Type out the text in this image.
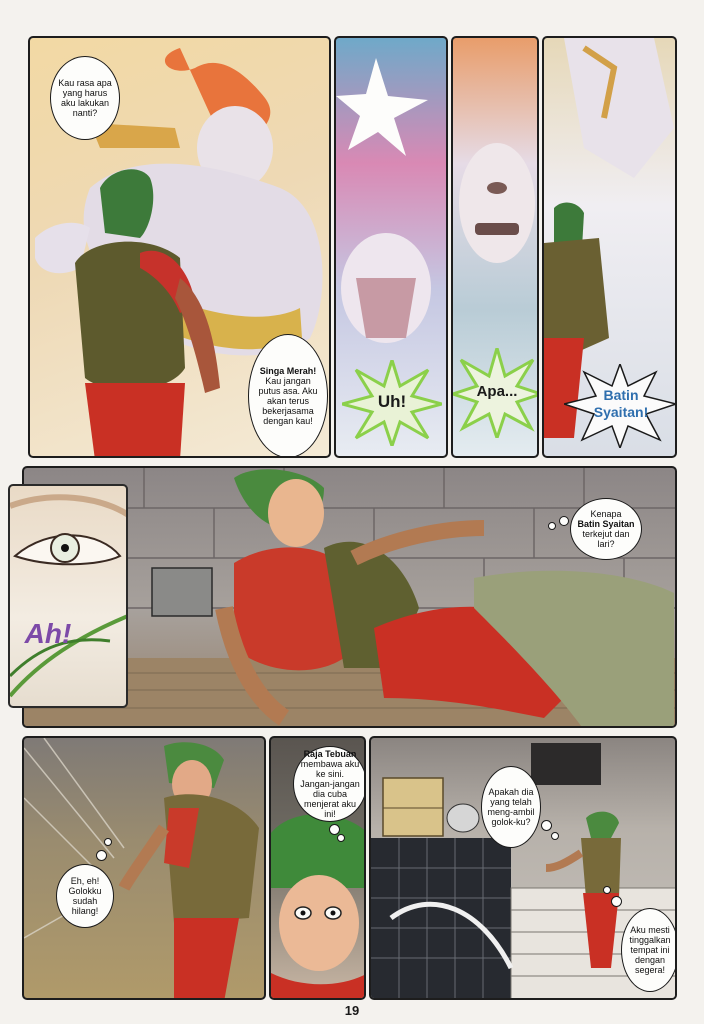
Kau rasa apa yang harus aku lakukan nanti?
Singa Merah! Kau jangan putus asa. Aku akan terus bekerjasama dengan kau!
Uh!
Apa...	Batin Syaitan!
Kenapa
Batin Syaitan
terkejut dan lari?
Ah!
Eh, eh! Golokku sudah hilang!
Raja Tebuan membawa aku ke sini. Jangan-jangan dia cuba menjerat aku ini!
Apakah dia yang telah meng-ambil golok-ku?
Aku mesti tinggalkan tempat ini dengan segera!
19
